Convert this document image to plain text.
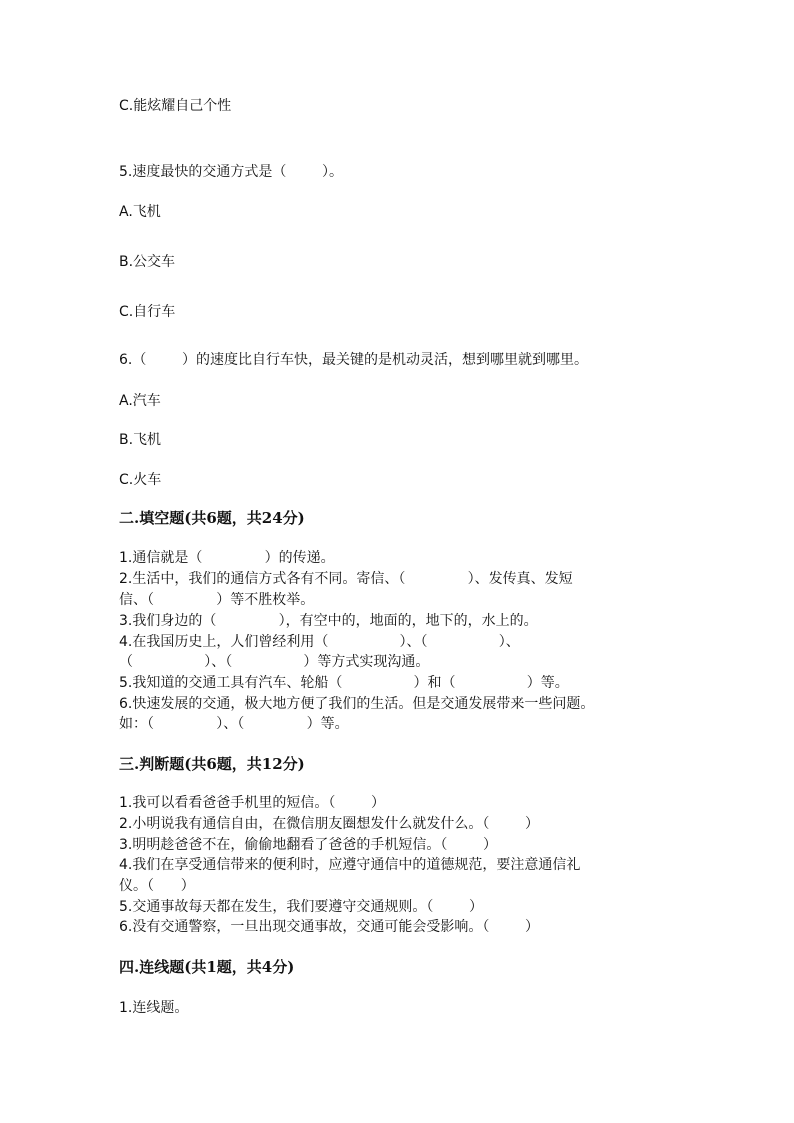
C.能炫耀自己个性
5.速度最快的交通方式是（        ）。
A.飞机
B.公交车
C.自行车
6.（        ）的速度比自行车快，最关键的是机动灵活，想到哪里就到哪里。
A.汽车
B.飞机
C.火车
二.填空题(共6题，共24分)
1.通信就是（              ）的传递。
2.生活中，我们的通信方式各有不同。寄信、（              ）、发传真、发短
信、（              ）等不胜枚举。
3.我们身边的（              ），有空中的，地面的，地下的，水上的。
4.在我国历史上，人们曾经利用（                ）、（                ）、
（                ）、（                ）等方式实现沟通。
5.我知道的交通工具有汽车、轮船（                ）和（                ）等。
6.快速发展的交通，极大地方便了我们的生活。但是交通发展带来一些问题。
如：（              ）、（              ）等。
三.判断题(共6题，共12分)
1.我可以看看爸爸手机里的短信。（        ）
2.小明说我有通信自由，在微信朋友圈想发什么就发什么。（        ）
3.明明趁爸爸不在，偷偷地翻看了爸爸的手机短信。（        ）
4.我们在享受通信带来的便利时，应遵守通信中的道德规范，要注意通信礼
仪。（      ）
5.交通事故每天都在发生，我们要遵守交通规则。（        ）
6.没有交通警察，一旦出现交通事故，交通可能会受影响。（        ）
四.连线题(共1题，共4分)
1.连线题。
